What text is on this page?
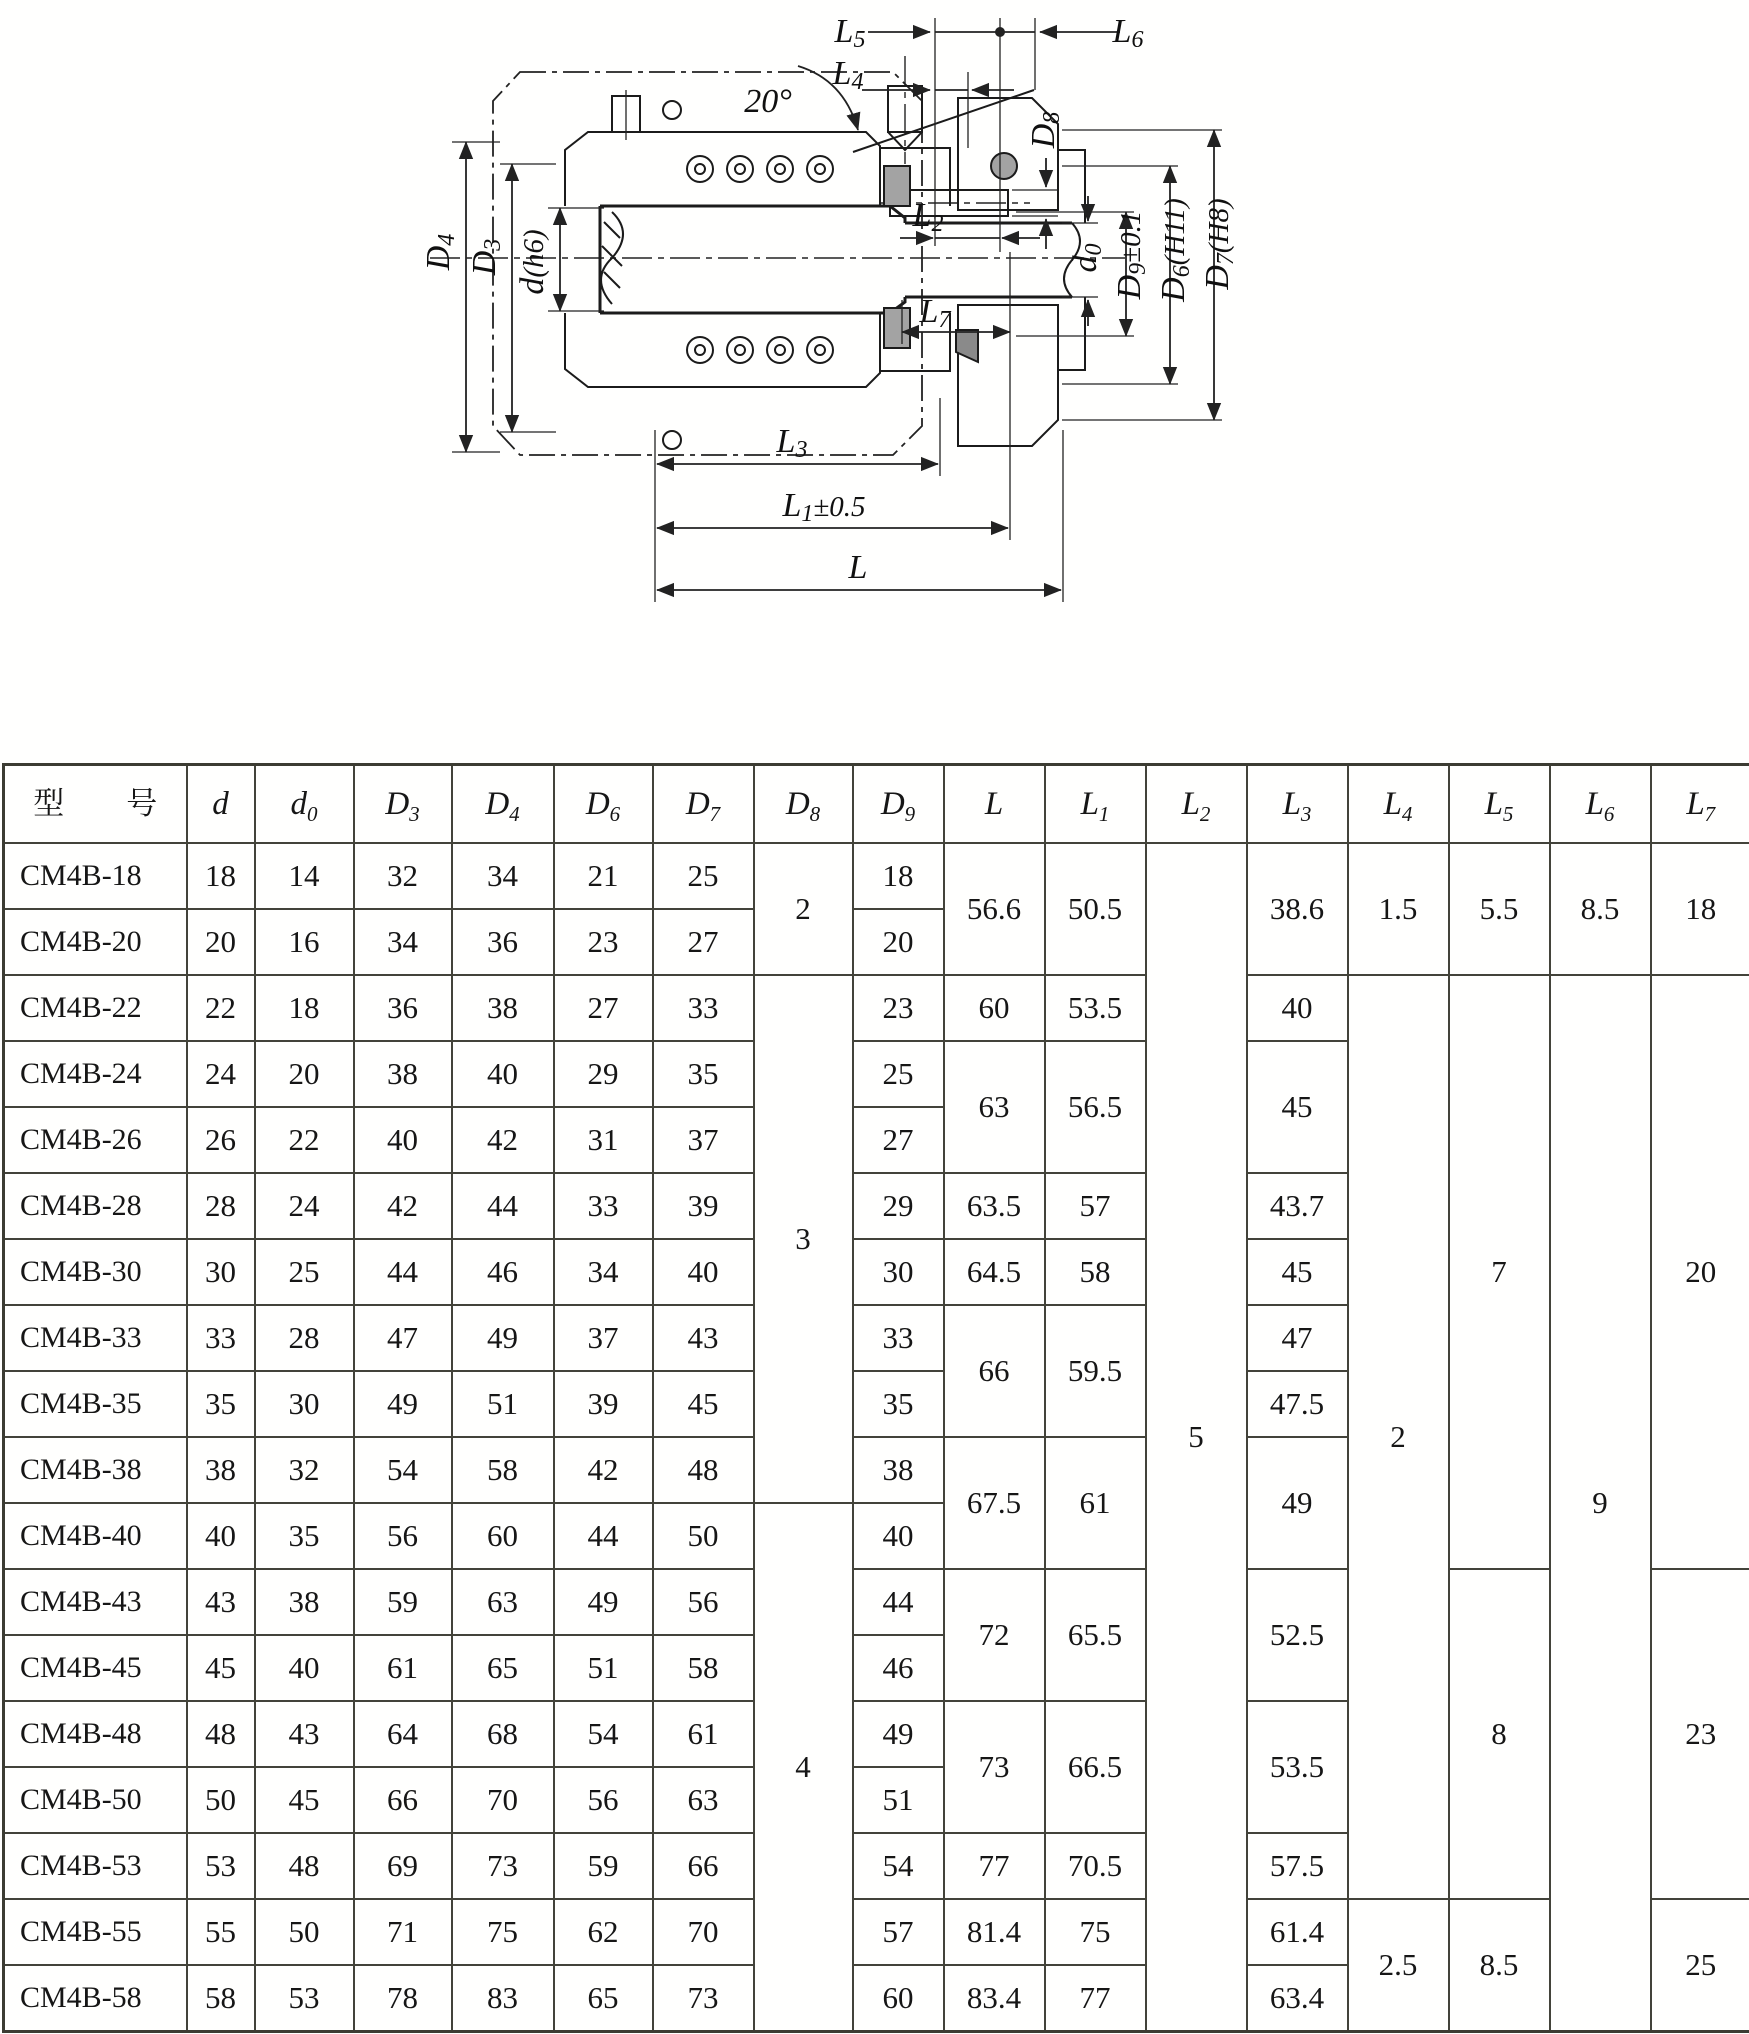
L5	L6
L4
20°
L2
L7
D8
d0
D9±0.1
D6(H11)
D7(H8)
D4
D3
d(h6)
L3
L1±0.5
L
型　　号	d	$d_0$	$D_3$	$D_4$	$D_6$	$D_7$	$D_8$	$D_9$	L	$L_1$	$L_2$	$L_3$	$L_4$	$L_5$	$L_6$	$L_7$
CM4B-18	18	14	32	34	21	25	2	18	56.6	50.5	5	38.6	1.5	5.5	8.5	18
CM4B-20	20	16	34	36	23	27		20								
CM4B-22	22	18	36	38	27	33	3	23	60	53.5		40	2	7	9	20
CM4B-24	24	20	38	40	29	35		25	63	56.5		45				
CM4B-26	26	22	40	42	31	37		27								
CM4B-28	28	24	42	44	33	39		29	63.5	57		43.7				
CM4B-30	30	25	44	46	34	40		30	64.5	58		45				
CM4B-33	33	28	47	49	37	43		33	66	59.5		47				
CM4B-35	35	30	49	51	39	45		35				47.5				
CM4B-38	38	32	54	58	42	48		38	67.5	61		49				
CM4B-40	40	35	56	60	44	50	4	40								
CM4B-43	43	38	59	63	49	56		44	72	65.5		52.5		8		23
CM4B-45	45	40	61	65	51	58		46								
CM4B-48	48	43	64	68	54	61		49	73	66.5		53.5				
CM4B-50	50	45	66	70	56	63		51								
CM4B-53	53	48	69	73	59	66		54	77	70.5		57.5				
CM4B-55	55	50	71	75	62	70		57	81.4	75		61.4	2.5	8.5		25
CM4B-58	58	53	78	83	65	73		60	83.4	77		63.4				
